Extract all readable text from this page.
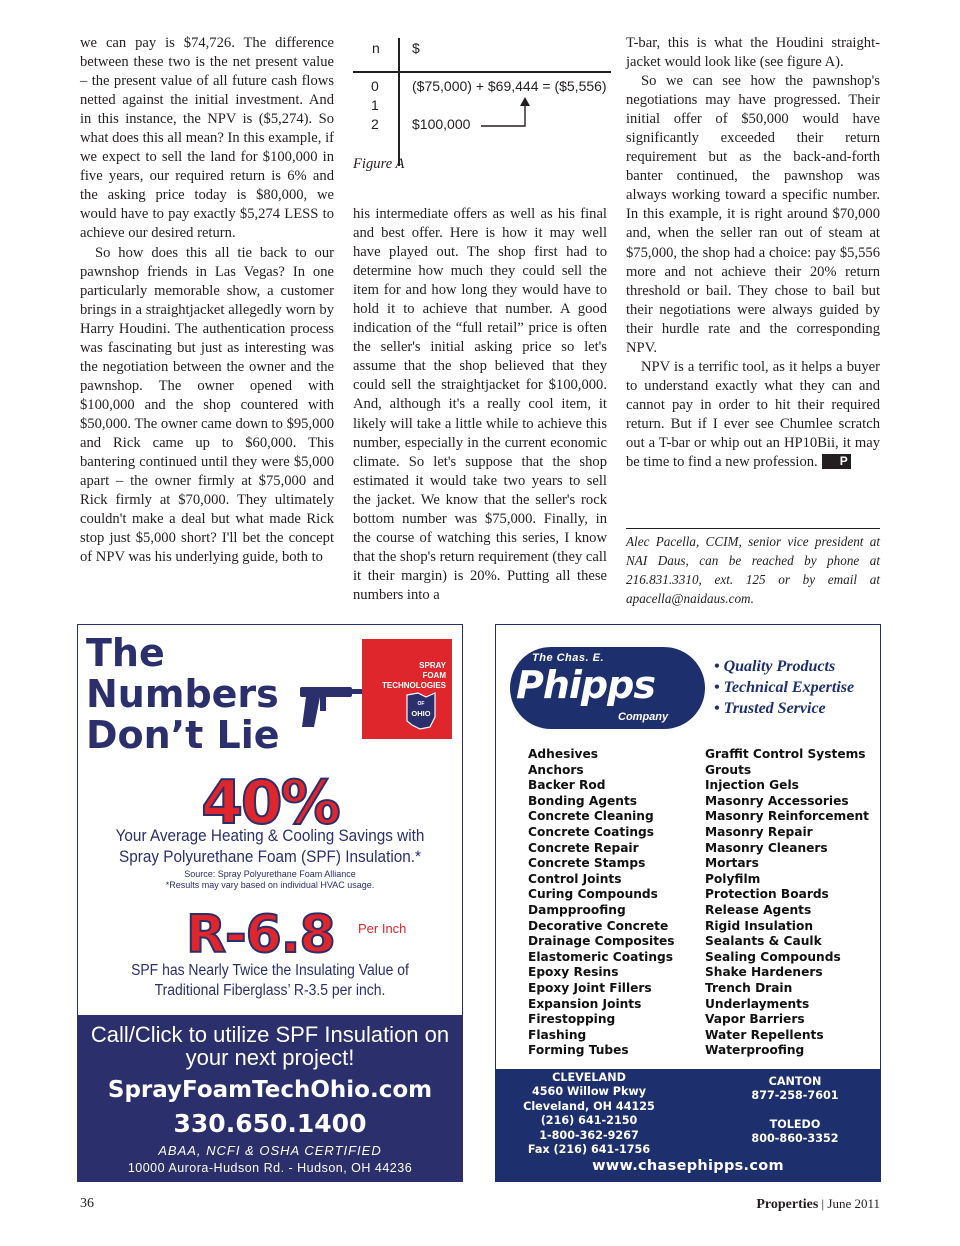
we can pay is $74,726. The difference between these two is the net present value – the present value of all future cash flows netted against the initial investment. And in this instance, the NPV is ($5,274). So what does this all mean? In this example, if we expect to sell the land for $100,000 in five years, our required return is 6% and the asking price today is $80,000, we would have to pay exactly $5,274 LESS to achieve our desired return.

So how does this all tie back to our pawnshop friends in Las Vegas? In one particularly memorable show, a customer brings in a straightjacket allegedly worn by Harry Houdini. The authentication process was fascinating but just as interesting was the negotiation between the owner and the pawnshop. The owner opened with $100,000 and the shop countered with $50,000. The owner came down to $95,000 and Rick came up to $60,000. This bantering continued until they were $5,000 apart – the owner firmly at $75,000 and Rick firmly at $70,000. They ultimately couldn't make a deal but what made Rick stop just $5,000 short? I'll bet the concept of NPV was his underlying guide, both to

n $
0 ($75,000) + $69,444 = ($5,556)
1
2 $100,000
Figure A

his intermediate offers as well as his final and best offer. Here is how it may well have played out. The shop first had to determine how much they could sell the item for and how long they would have to hold it to achieve that number. A good indication of the “full retail” price is often the seller's initial asking price so let's assume that the shop believed that they could sell the straightjacket for $100,000. And, although it's a really cool item, it likely will take a little while to achieve this number, especially in the current economic climate. So let's suppose that the shop estimated it would take two years to sell the jacket. We know that the seller's rock bottom number was $75,000. Finally, in the course of watching this series, I know that the shop's return requirement (they call it their margin) is 20%. Putting all these numbers into a

T-bar, this is what the Houdini straight-jacket would look like (see figure A).

So we can see how the pawnshop's negotiations may have progressed. Their initial offer of $50,000 would have significantly exceeded their return requirement but as the back-and-forth banter continued, the pawnshop was always working toward a specific number. In this example, it is right around $70,000 and, when the seller ran out of steam at $75,000, the shop had a choice: pay $5,556 more and not achieve their 20% return threshold or bail. They chose to bail but their negotiations were always guided by their hurdle rate and the corresponding NPV.

NPV is a terrific tool, as it helps a buyer to understand exactly what they can and cannot pay in order to hit their required return. But if I ever see Chumlee scratch out a T-bar or whip out an HP10Bii, it may be time to find a new profession. P

Alec Pacella, CCIM, senior vice president at NAI Daus, can be reached by phone at 216.831.3310, ext. 125 or by email at apacella@naidaus.com.
The
Numbers
Don’t Lie
SPRAY
FOAM
TECHNOLOGIES
OF
OHIO
40%
Your Average Heating & Cooling Savings with Spray Polyurethane Foam (SPF) Insulation.*
Source: Spray Polyurethane Foam Alliance
*Results may vary based on individual HVAC usage.
R-6.8 Per Inch
SPF has Nearly Twice the Insulating Value of Traditional Fiberglass’ R-3.5 per inch.
Call/Click to utilize SPF Insulation on your next project!
SprayFoamTechOhio.com
330.650.1400
ABAA, NCFI & OSHA CERTIFIED
10000 Aurora-Hudson Rd. - Hudson, OH 44236
The Chas. E.
Phipps
Company
• Quality Products
• Technical Expertise
• Trusted Service
Adhesives
Anchors
Backer Rod
Bonding Agents
Concrete Cleaning
Concrete Coatings
Concrete Repair
Concrete Stamps
Control Joints
Curing Compounds
Dampproofing
Decorative Concrete
Drainage Composites
Elastomeric Coatings
Epoxy Resins
Epoxy Joint Fillers
Expansion Joints
Firestopping
Flashing
Forming Tubes
Graffit Control Systems
Grouts
Injection Gels
Masonry Accessories
Masonry Reinforcement
Masonry Repair
Masonry Cleaners
Mortars
Polyfilm
Protection Boards
Release Agents
Rigid Insulation
Sealants & Caulk
Sealing Compounds
Shake Hardeners
Trench Drain
Underlayments
Vapor Barriers
Water Repellents
Waterproofing
CLEVELAND
4560 Willow Pkwy
Cleveland, OH 44125
(216) 641-2150
1-800-362-9267
Fax (216) 641-1756
CANTON
877-258-7601
TOLEDO
800-860-3352
www.chasephipps.com
36	Properties | June 2011
